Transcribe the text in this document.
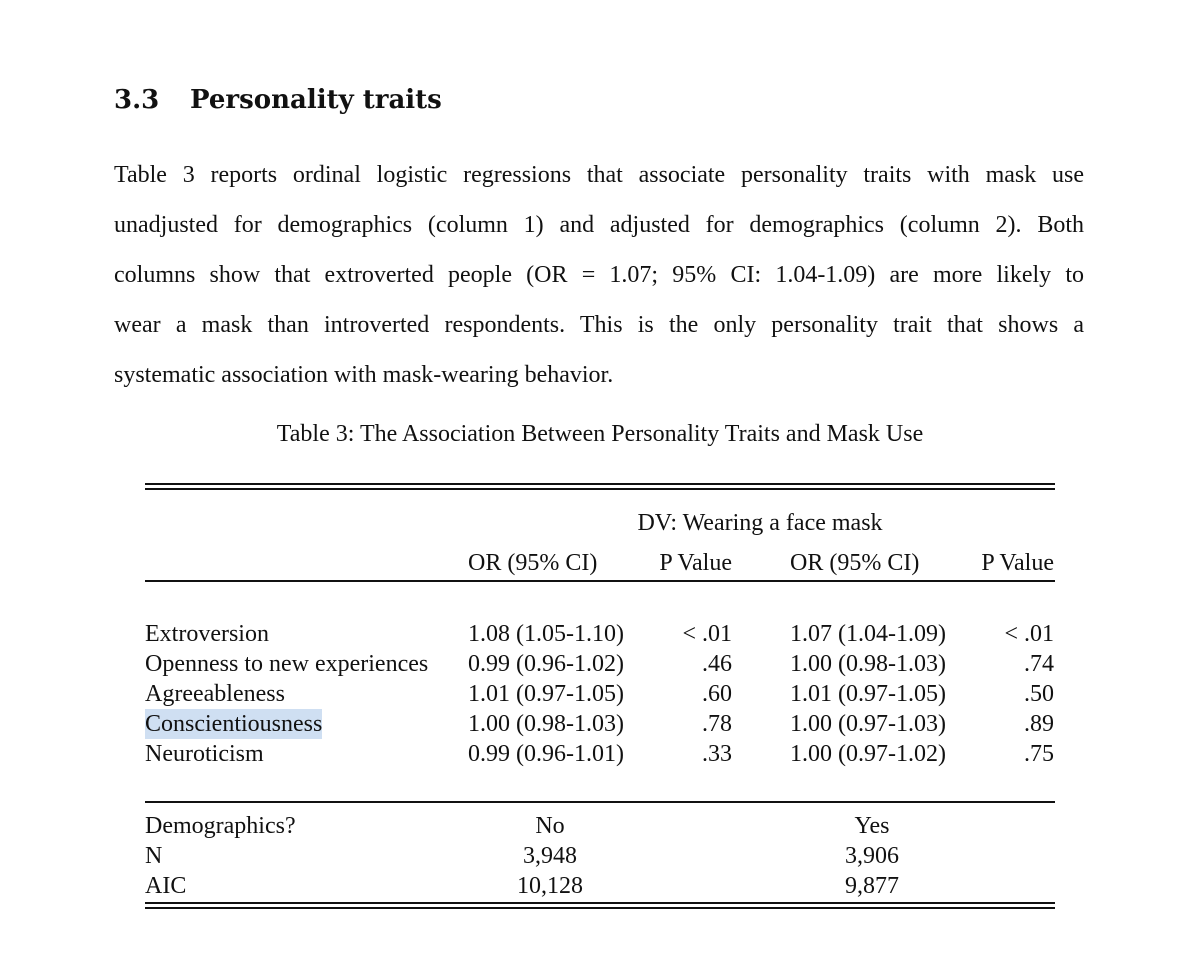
3.3 Personality traits
Table 3 reports ordinal logistic regressions that associate personality traits with mask use
unadjusted for demographics (column 1) and adjusted for demographics (column 2). Both
columns show that extroverted people (OR = 1.07; 95% CI: 1.04-1.09) are more likely to
wear a mask than introverted respondents. This is the only personality trait that shows a
systematic association with mask-wearing behavior.
Table 3: The Association Between Personality Traits and Mask Use
DV: Wearing a face mask
OR (95% CI)	P Value OR (95% CI)	P Value
Extroversion	1.08 (1.05-1.10)	< .01 1.07 (1.04-1.09)	< .01
Openness to new experiences 0.99 (0.96-1.02)	.46 1.00 (0.98-1.03)	.74
Agreeableness	1.01 (0.97-1.05)	.60 1.01 (0.97-1.05)	.50
Conscientiousness	1.00 (0.98-1.03)	.78 1.00 (0.97-1.03)	.89
Neuroticism	0.99 (0.96-1.01)	.33 1.00 (0.97-1.02)	.75
Demographics?	No	Yes
N	3,948	3,906
AIC	10,128	9,877
